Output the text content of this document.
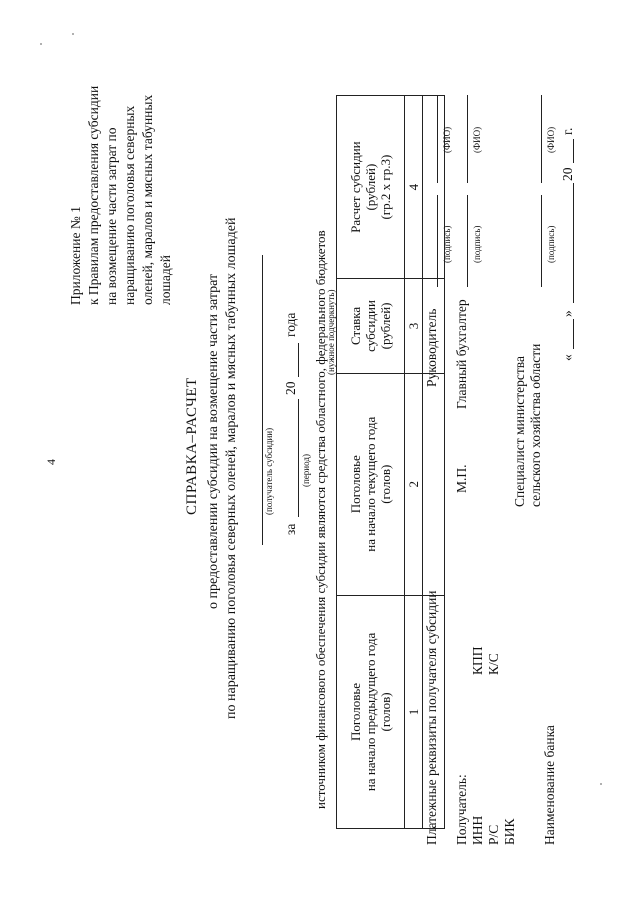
4
Приложение № 1 к Правилам предоставления субсидии на возмещение части затрат по наращиванию поголовья северных оленей, маралов и мясных табунных лошадей
СПРАВКА–РАСЧЕТ о предоставлении субсидии на возмещение части затрат по наращиванию поголовья северных оленей, маралов и мясных табунных лошадей	(получатель субсидии)
за
20
года
(период) источником финансового обеспечения субсидии являются средства областного, федерального бюджетов
(нужное подчеркнуть)
Поголовье
на начало предыдущего года
(голов)	Поголовье
на начало текущего года
(голов)	Ставка
субсидии
(рублей)	Расчет субсидии
(рублей)
(гр.2 х гр.3)
1	2	3	4

Платежные реквизиты получателя субсидии Получатель: ИНН
КПП
Р/С
К/С
БИК Наименование банка
Руководитель
(подпись)
(ФИО)
М.П.
Главный бухгалтер
(подпись)
(ФИО)
Специалист министерства сельского хозяйства области
(подпись)
(ФИО)
«
»
20
г.
